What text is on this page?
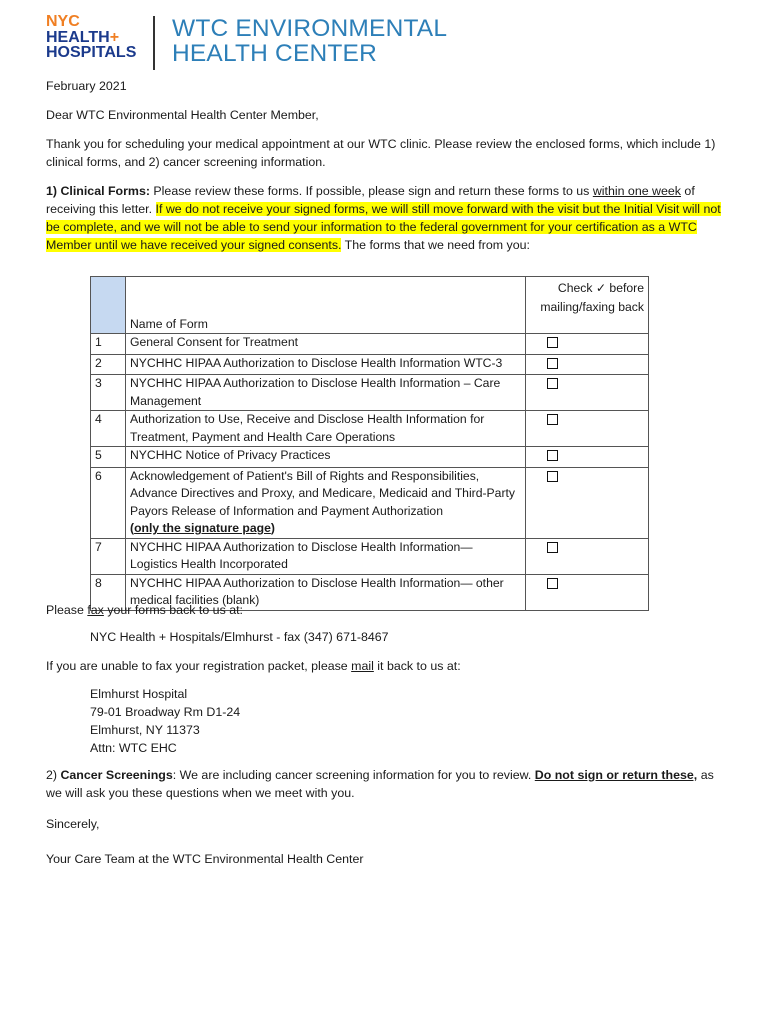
NYC
HEALTH+
HOSPITALS
WTC ENVIRONMENTAL
HEALTH CENTER
February 2021
Dear WTC Environmental Health Center Member,
Thank you for scheduling your medical appointment at our WTC clinic. Please review the enclosed forms, which include 1) clinical forms, and 2) cancer screening information.
1) Clinical Forms: Please review these forms. If possible, please sign and return these forms to us within one week of receiving this letter. If we do not receive your signed forms, we will still move forward with the visit but the Initial Visit will not be complete, and we will not be able to send your information to the federal government for your certification as a WTC Member until we have received your signed consents. The forms that we need from you:
	Name of Form	Check ✓ before
mailing/faxing back

1	General Consent for Treatment	
2	NYCHHC HIPAA Authorization to Disclose Health Information WTC-3	
3	NYCHHC HIPAA Authorization to Disclose Health Information – Care Management	
4	Authorization to Use, Receive and Disclose Health Information for Treatment, Payment and Health Care Operations	
5	NYCHHC Notice of Privacy Practices	
6	Acknowledgement of Patient's Bill of Rights and Responsibilities, Advance Directives and Proxy, and Medicare, Medicaid and Third-Party Payors Release of Information and Payment Authorization
(only the signature page)	
7	NYCHHC HIPAA Authorization to Disclose Health Information— Logistics Health Incorporated	
8	NYCHHC HIPAA Authorization to Disclose Health Information— other medical facilities (blank)	
Please fax your forms back to us at:
NYC Health + Hospitals/Elmhurst - fax (347) 671-8467
If you are unable to fax your registration packet, please mail it back to us at:
Elmhurst Hospital
79-01 Broadway Rm D1-24
Elmhurst, NY 11373
Attn: WTC EHC
2) Cancer Screenings: We are including cancer screening information for you to review. Do not sign or return these, as we will ask you these questions when we meet with you.
Sincerely,
Your Care Team at the WTC Environmental Health Center
